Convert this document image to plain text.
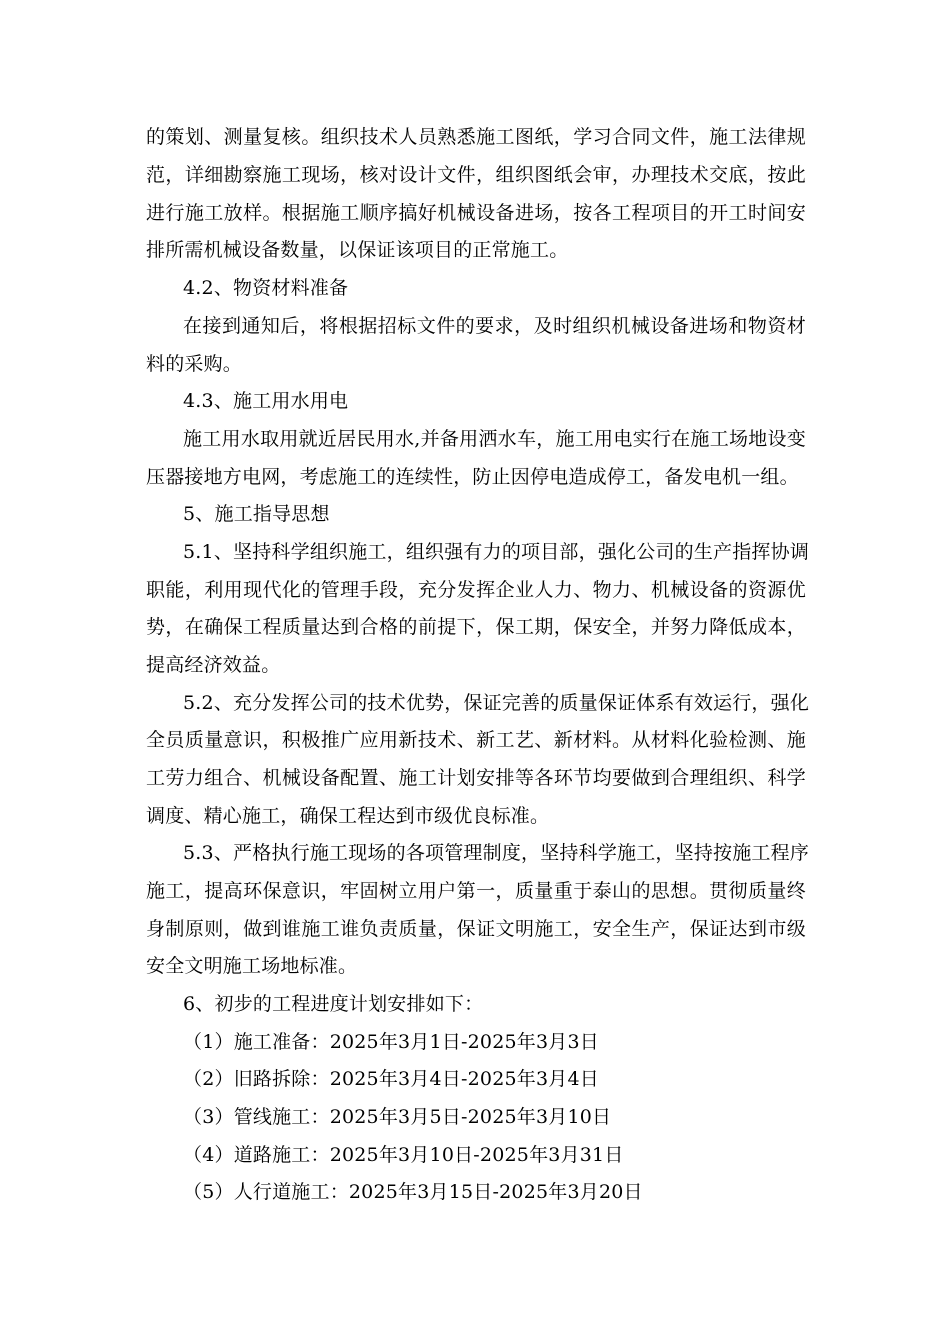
的策划、测量复核。组织技术人员熟悉施工图纸，学习合同文件，施工法律规
范，详细勘察施工现场，核对设计文件，组织图纸会审，办理技术交底，按此
进行施工放样。根据施工顺序搞好机械设备进场，按各工程项目的开工时间安
排所需机械设备数量，以保证该项目的正常施工。
4.2、物资材料准备
在接到通知后，将根据招标文件的要求，及时组织机械设备进场和物资材
料的采购。
4.3、施工用水用电
施工用水取用就近居民用水,并备用洒水车，施工用电实行在施工场地设变
压器接地方电网，考虑施工的连续性，防止因停电造成停工，备发电机一组。
5、施工指导思想
5.1、坚持科学组织施工，组织强有力的项目部，强化公司的生产指挥协调
职能，利用现代化的管理手段，充分发挥企业人力、物力、机械设备的资源优
势，在确保工程质量达到合格的前提下，保工期，保安全，并努力降低成本，
提高经济效益。
5.2、充分发挥公司的技术优势，保证完善的质量保证体系有效运行，强化
全员质量意识，积极推广应用新技术、新工艺、新材料。从材料化验检测、施
工劳力组合、机械设备配置、施工计划安排等各环节均要做到合理组织、科学
调度、精心施工，确保工程达到市级优良标准。
5.3、严格执行施工现场的各项管理制度，坚持科学施工，坚持按施工程序
施工，提高环保意识，牢固树立用户第一，质量重于泰山的思想。贯彻质量终
身制原则，做到谁施工谁负责质量，保证文明施工，安全生产，保证达到市级
安全文明施工场地标准。
6、初步的工程进度计划安排如下：
（1）施工准备：2025年3月1日-2025年3月3日
（2）旧路拆除：2025年3月4日-2025年3月4日
（3）管线施工：2025年3月5日-2025年3月10日
（4）道路施工：2025年3月10日-2025年3月31日
（5）人行道施工：2025年3月15日-2025年3月20日
